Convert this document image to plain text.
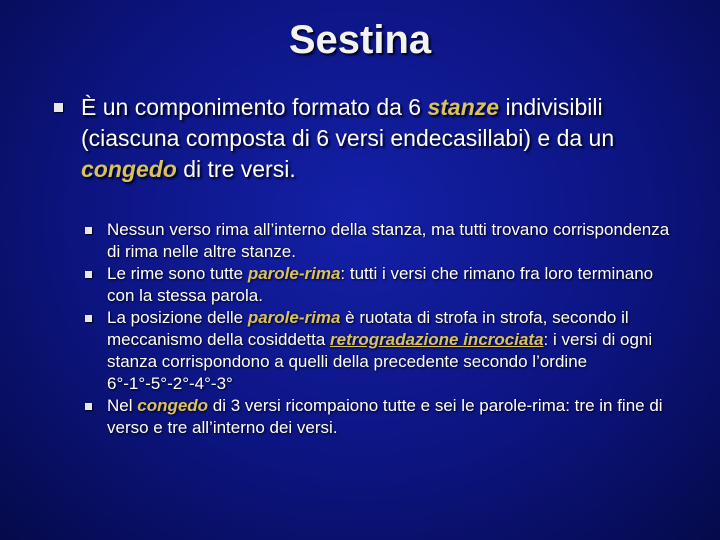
Sestina
È un componimento formato da 6 stanze indivisibili (ciascuna composta di 6 versi endecasillabi) e da un congedo di tre versi.
Nessun verso rima all’interno della stanza, ma tutti trovano corrispondenza di rima nelle altre stanze.
Le rime sono tutte parole-rima: tutti i versi che rimano fra loro terminano con la stessa parola.
La posizione delle parole-rima è ruotata di strofa in strofa, secondo il meccanismo della cosiddetta retrogradazione incrociata: i versi di ogni stanza corrispondono a quelli della precedente secondo l’ordine 6°-1°-5°-2°-4°-3°
Nel congedo di 3 versi ricompaiono tutte e sei le parole-rima: tre in fine di verso e tre all’interno dei versi.
